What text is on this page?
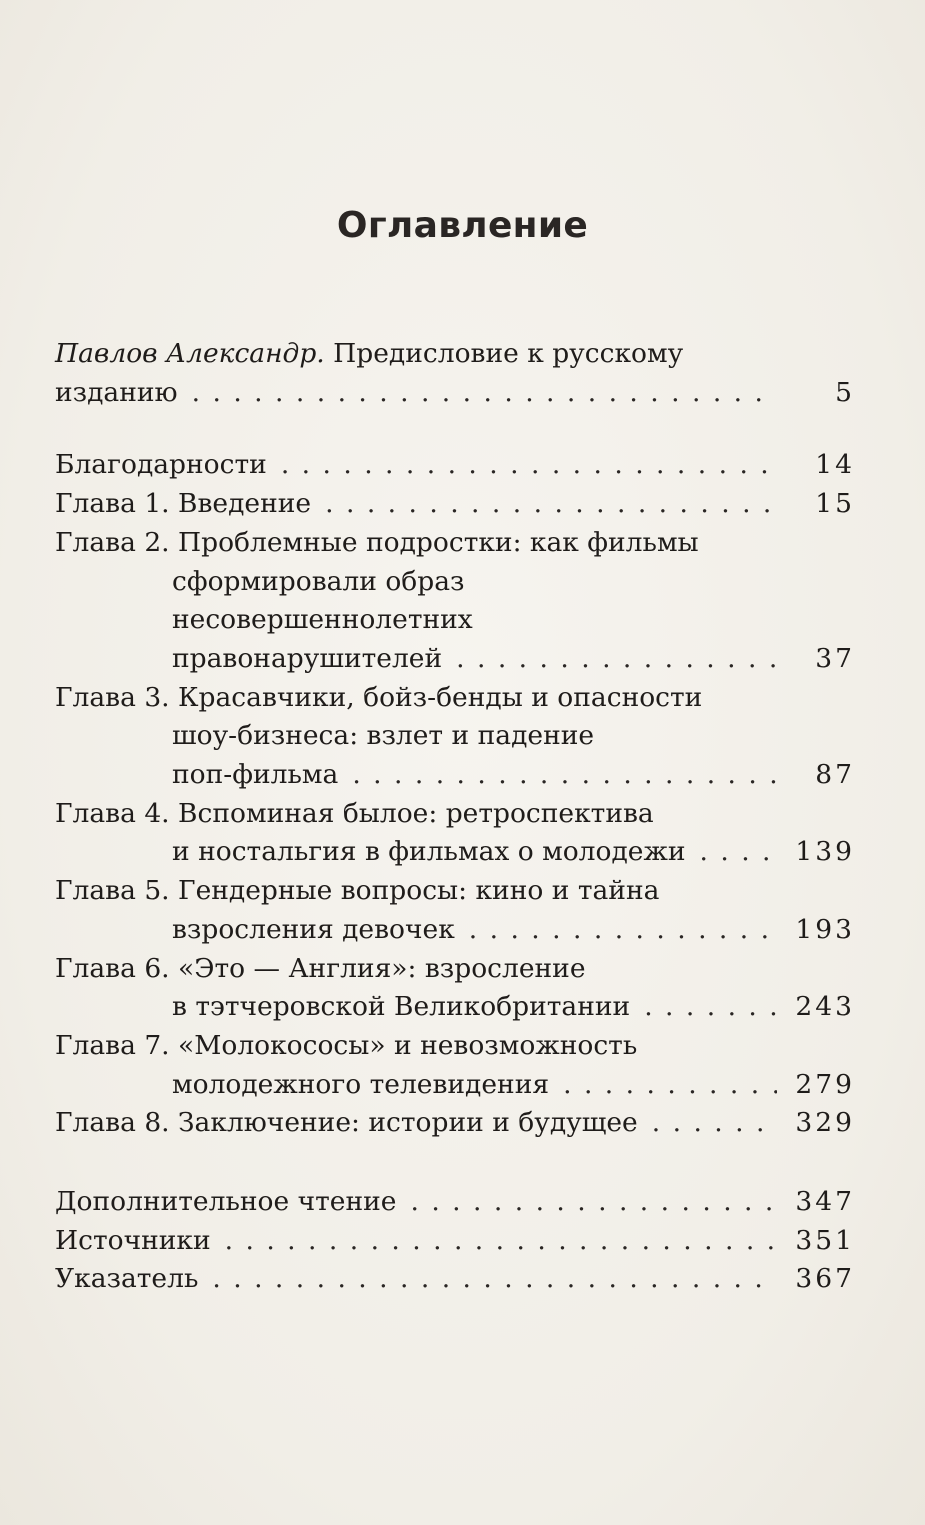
Оглавление
Павлов Александр. Предисловие к русскому
изданию . . .	5
Благодарности . . .	14
Глава 1. Введение . . .	15
Глава 2. Проблемные подростки: как фильмы
сформировали образ
несовершеннолетних
правонарушителей . . .	37
Глава 3. Красавчики, бойз-бенды и опасности
шоу-бизнеса: взлет и падение
поп-фильма . . .	87
Глава 4. Вспоминая былое: ретроспектива
и ностальгия в фильмах о молодежи . . .	139
Глава 5. Гендерные вопросы: кино и тайна
взросления девочек . . .	193
Глава 6. «Это — Англия»: взросление
в тэтчеровской Великобритании . . .	243
Глава 7. «Молокососы» и невозможность
молодежного телевидения . . .	279
Глава 8. Заключение: истории и будущее . . .	329
Дополнительное чтение . . .	347
Источники . . .	351
Указатель . . .	367
